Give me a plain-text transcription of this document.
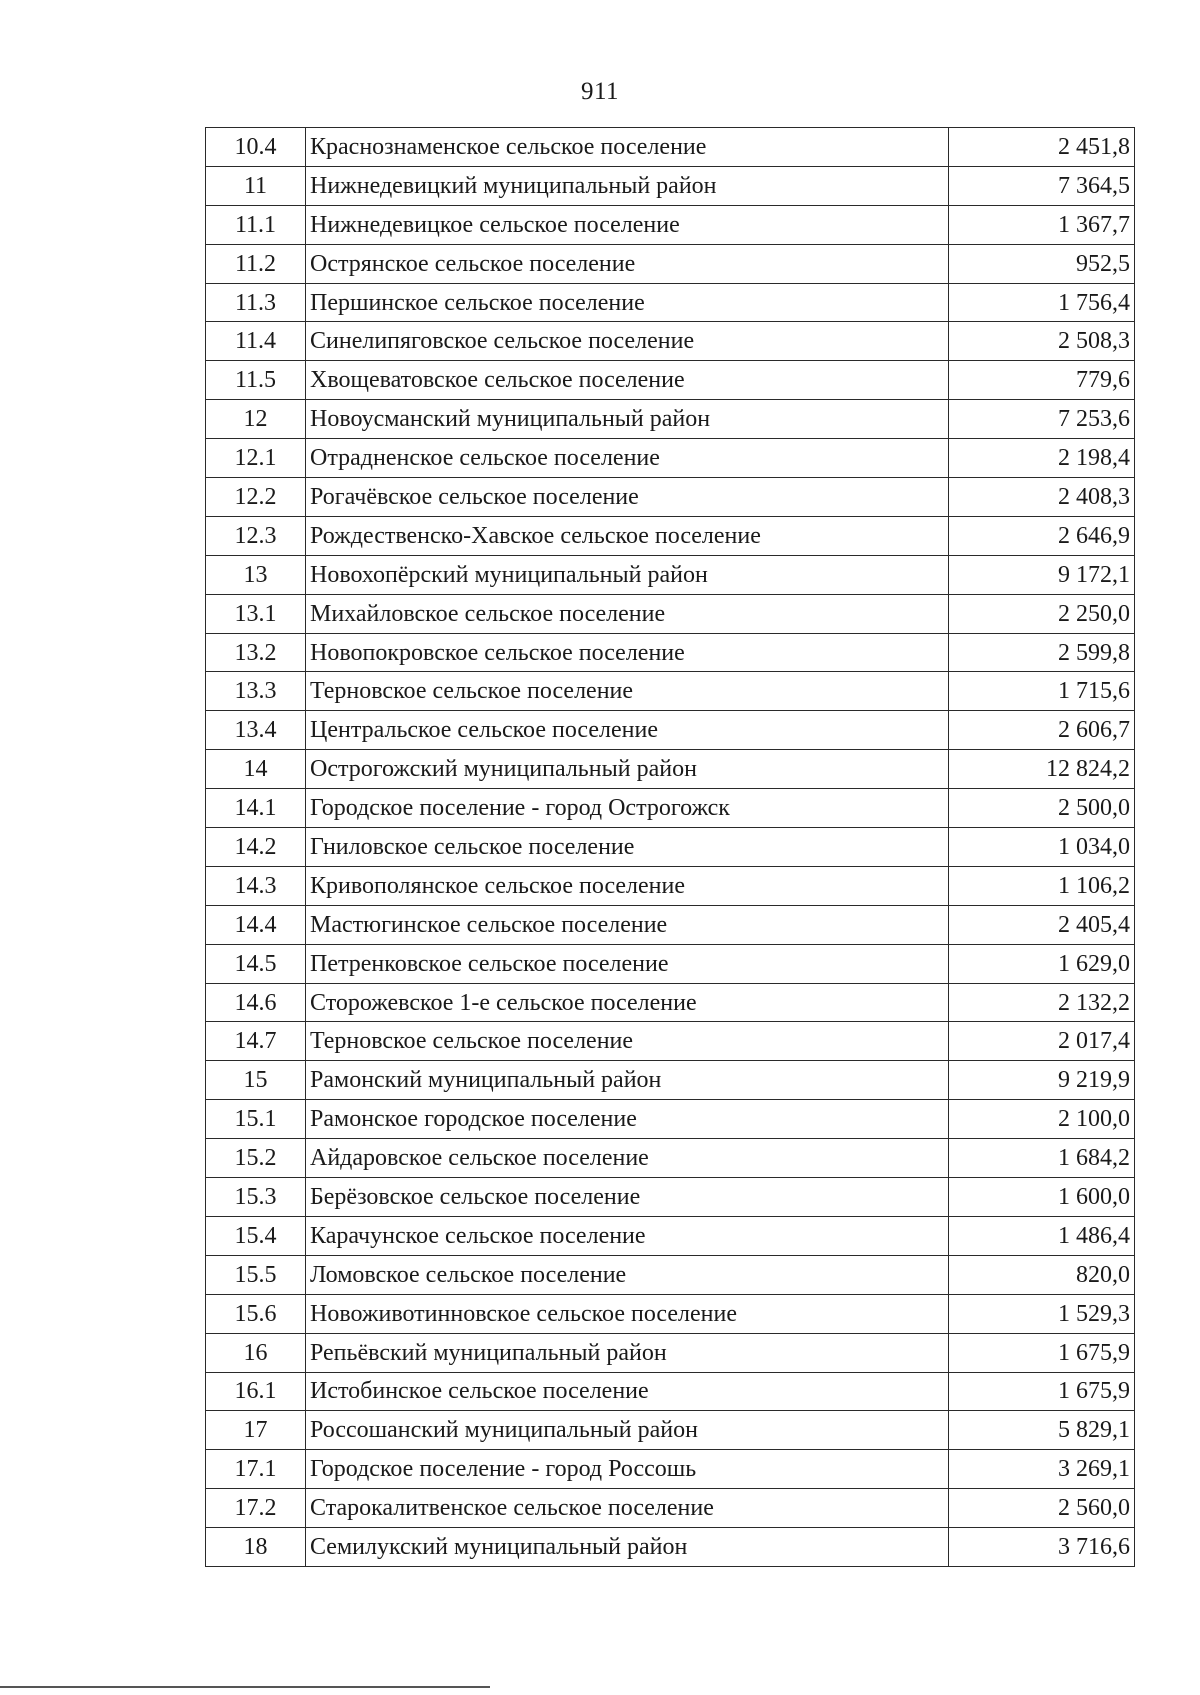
911
10.4	Краснознаменское сельское поселение	2 451,8
11	Нижнедевицкий муниципальный район	7 364,5
11.1	Нижнедевицкое сельское поселение	1 367,7
11.2	Острянское сельское поселение	952,5
11.3	Першинское сельское поселение	1 756,4
11.4	Синелипяговское сельское поселение	2 508,3
11.5	Хвощеватовское сельское поселение	779,6
12	Новоусманский муниципальный район	7 253,6
12.1	Отрадненское сельское поселение	2 198,4
12.2	Рогачёвское сельское поселение	2 408,3
12.3	Рождественско-Хавское сельское поселение	2 646,9
13	Новохопёрский муниципальный район	9 172,1
13.1	Михайловское сельское поселение	2 250,0
13.2	Новопокровское сельское поселение	2 599,8
13.3	Терновское сельское поселение	1 715,6
13.4	Центральское сельское поселение	2 606,7
14	Острогожский муниципальный район	12 824,2
14.1	Городское поселение - город Острогожск	2 500,0
14.2	Гниловское сельское поселение	1 034,0
14.3	Кривополянское сельское поселение	1 106,2
14.4	Мастюгинское сельское поселение	2 405,4
14.5	Петренковское сельское поселение	1 629,0
14.6	Сторожевское 1-е сельское поселение	2 132,2
14.7	Терновское сельское поселение	2 017,4
15	Рамонский муниципальный район	9 219,9
15.1	Рамонское городское поселение	2 100,0
15.2	Айдаровское сельское поселение	1 684,2
15.3	Берёзовское сельское поселение	1 600,0
15.4	Карачунское сельское поселение	1 486,4
15.5	Ломовское сельское поселение	820,0
15.6	Новоживотинновское сельское поселение	1 529,3
16	Репьёвский муниципальный район	1 675,9
16.1	Истобинское сельское поселение	1 675,9
17	Россошанский муниципальный район	5 829,1
17.1	Городское поселение - город Россошь	3 269,1
17.2	Старокалитвенское сельское поселение	2 560,0
18	Семилукский муниципальный район	3 716,6
